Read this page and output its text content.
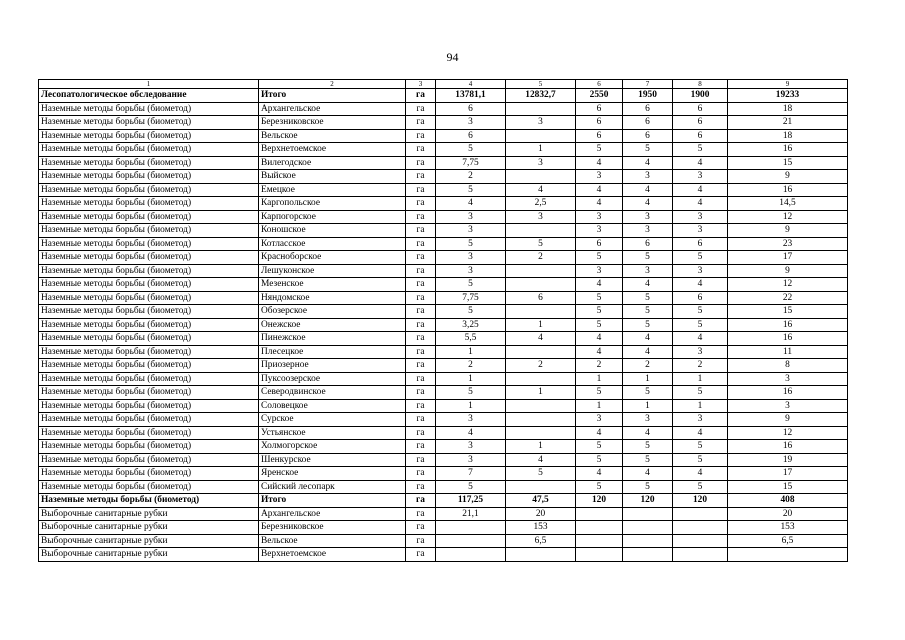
94
1	2	3	4	5	6	7	8	9
Лесопатологическое обследование	Итого	га	13781,1	12832,7	2550	1950	1900	19233
Наземные методы борьбы (биометод)	Архангельское	га	6		6	6	6	18
Наземные методы борьбы (биометод)	Березниковское	га	3	3	6	6	6	21
Наземные методы борьбы (биометод)	Вельское	га	6		6	6	6	18
Наземные методы борьбы (биометод)	Верхнетоемское	га	5	1	5	5	5	16
Наземные методы борьбы (биометод)	Вилегодское	га	7,75	3	4	4	4	15
Наземные методы борьбы (биометод)	Выйское	га	2		3	3	3	9
Наземные методы борьбы (биометод)	Емецкое	га	5	4	4	4	4	16
Наземные методы борьбы (биометод)	Каргопольское	га	4	2,5	4	4	4	14,5
Наземные методы борьбы (биометод)	Карпогорское	га	3	3	3	3	3	12
Наземные методы борьбы (биометод)	Коношское	га	3		3	3	3	9
Наземные методы борьбы (биометод)	Котласское	га	5	5	6	6	6	23
Наземные методы борьбы (биометод)	Красноборское	га	3	2	5	5	5	17
Наземные методы борьбы (биометод)	Лешуконское	га	3		3	3	3	9
Наземные методы борьбы (биометод)	Мезенское	га	5		4	4	4	12
Наземные методы борьбы (биометод)	Няндомское	га	7,75	6	5	5	6	22
Наземные методы борьбы (биометод)	Обозерское	га	5		5	5	5	15
Наземные методы борьбы (биометод)	Онежское	га	3,25	1	5	5	5	16
Наземные методы борьбы (биометод)	Пинежское	га	5,5	4	4	4	4	16
Наземные методы борьбы (биометод)	Плесецкое	га	1		4	4	3	11
Наземные методы борьбы (биометод)	Приозерное	га	2	2	2	2	2	8
Наземные методы борьбы (биометод)	Пуксоозерское	га	1		1	1	1	3
Наземные методы борьбы (биометод)	Северодвинское	га	5	1	5	5	5	16
Наземные методы борьбы (биометод)	Соловецкое	га	1		1	1	1	3
Наземные методы борьбы (биометод)	Сурское	га	3		3	3	3	9
Наземные методы борьбы (биометод)	Устьянское	га	4		4	4	4	12
Наземные методы борьбы (биометод)	Холмогорское	га	3	1	5	5	5	16
Наземные методы борьбы (биометод)	Шенкурское	га	3	4	5	5	5	19
Наземные методы борьбы (биометод)	Яренское	га	7	5	4	4	4	17
Наземные методы борьбы (биометод)	Сийский лесопарк	га	5		5	5	5	15
Наземные методы борьбы (биометод)	Итого	га	117,25	47,5	120	120	120	408
Выборочные санитарные рубки	Архангельское	га	21,1	20				20
Выборочные санитарные рубки	Березниковское	га		153				153
Выборочные санитарные рубки	Вельское	га		6,5				6,5
Выборочные санитарные рубки	Верхнетоемское	га						
